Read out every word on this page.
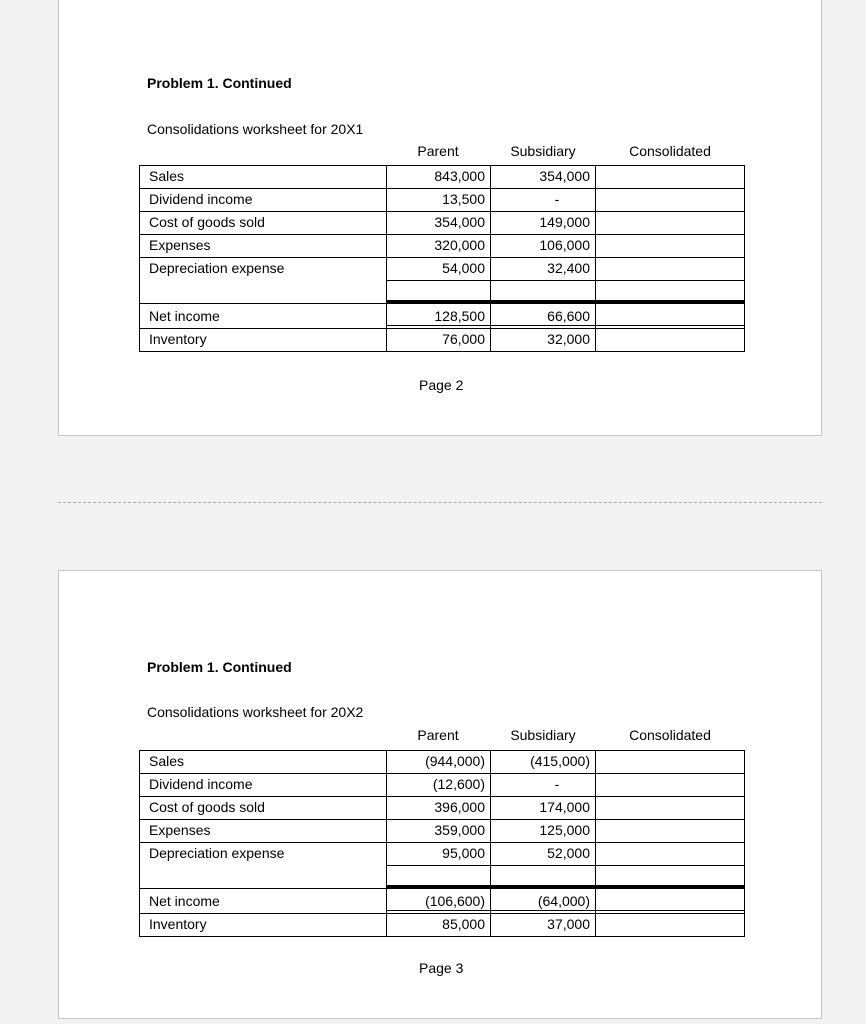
Problem 1. Continued
Consolidations worksheet for 20X1
Parent	Subsidiary	Consolidated
Page 2
Sales	843,000	354,000
Dividend income	13,500	-
Cost of goods sold	354,000	149,000
Expenses	320,000	106,000
Depreciation expense	54,000	32,400
Net income	128,500	66,600
Inventory	76,000	32,000
Problem 1. Continued
Consolidations worksheet for 20X2
Parent	Subsidiary	Consolidated
Page 3
Sales	(944,000)	(415,000)
Dividend income	(12,600)	-
Cost of goods sold	396,000	174,000
Expenses	359,000	125,000
Depreciation expense	95,000	52,000
Net income	(106,600)	(64,000)
Inventory	85,000	37,000
